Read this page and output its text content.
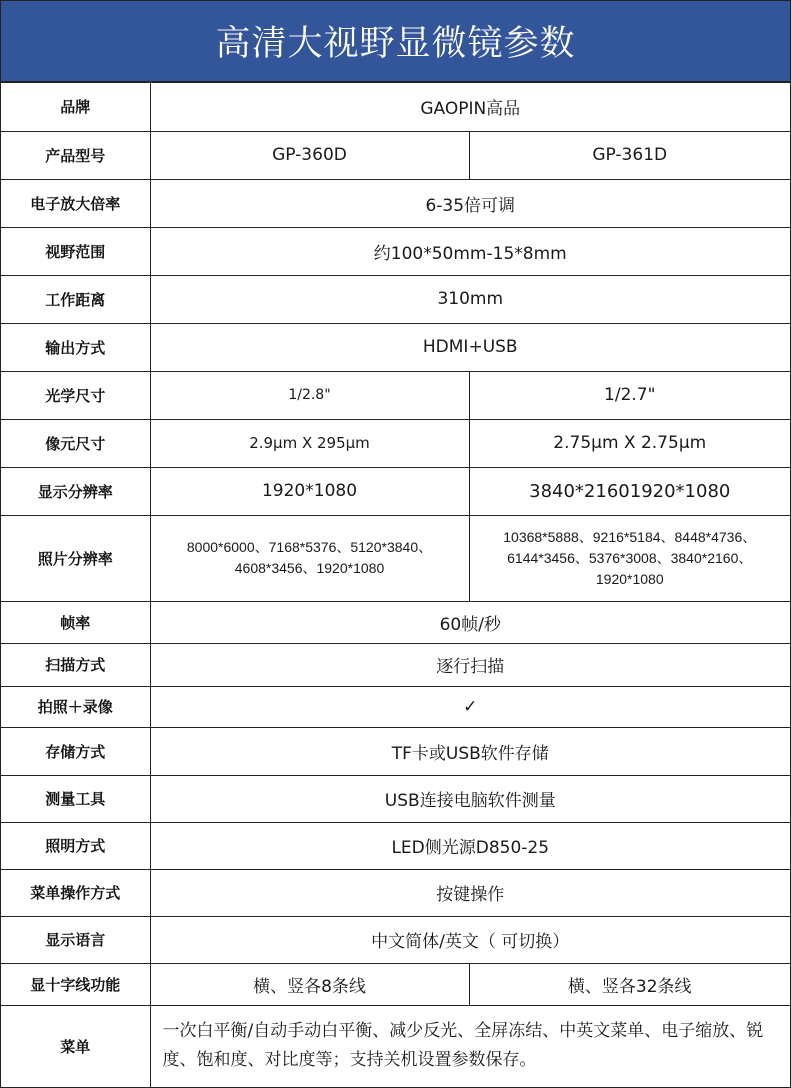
高清大视野显微镜参数
品牌	GAOPIN高品	
产品型号	GP-360D	GP-361D
电子放大倍率	6-35倍可调	
视野范围	约100*50mm-15*8mm	
工作距离	310mm	
输出方式	HDMI+USB	
光学尺寸	1/2.8"	1/2.7"
像元尺寸	2.9μm X 295μm	2.75μm X 2.75μm
显示分辨率	1920*1080	3840*21601920*1080
照片分辨率	8000*6000、7168*5376、5120*3840、4608*3456、1920*1080	10368*5888、9216*5184、8448*4736、6144*3456、5376*3008、3840*2160、1920*1080
帧率	60帧/秒	
扫描方式	逐行扫描	
拍照＋录像	✓	
存储方式	TF卡或USB软件存储	
测量工具	USB连接电脑软件测量	
照明方式	LED侧光源D850-25	
菜单操作方式	按键操作	
显示语言	中文简体/英文（ 可切换）	
显十字线功能	横、竖各8条线	横、竖各32条线
菜单	一次白平衡/自动手动白平衡、减少反光、全屏冻结、中英文菜单、电子缩放、锐度、饱和度、对比度等；支持关机设置参数保存。	
